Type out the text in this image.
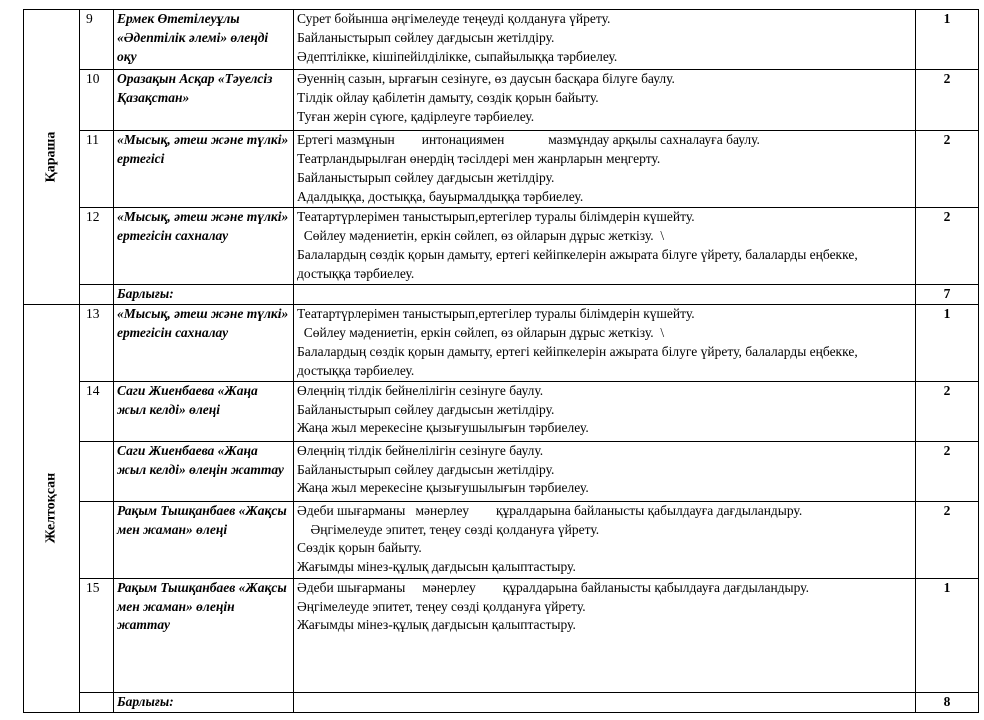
Қараша	9	Ермек Өтетілеуұлы «Әдептілік әлемі» өлеңді оқу	Сурет бойынша әңгімелеуде теңеуді қолдануға үйрету.
Байланыстырып сөйлеу дағдысын жетілдіру.
Әдептілікке, кішіпейілділікке, сыпайылыққа тәрбиелеу.	1
	10	Оразақын Асқар «Тәуелсіз Қазақстан»	Әуеннің сазын, ырғағын сезінуге, өз даусын басқара білуге баулу.
Тілдік ойлау қабілетін дамыту, сөздік қорын байыту.
Туған жерін сүюге, қадірлеуге тәрбиелеу.	2
	11	«Мысық, әтеш және түлкі» ертегісі	Ертегі мазмұнын        интонациямен             мазмұндау арқылы сахналауға баулу.
Театрландырылған өнердің тәсілдері мен жанрларын меңгерту.
Байланыстырып сөйлеу дағдысын жетілдіру.
Адалдыққа, достыққа, бауырмалдыққа тәрбиелеу.	2
	12	«Мысық, әтеш және түлкі» ертегісін сахналау	Театартүрлерімен таныстырып,ертегілер туралы білімдерін күшейту.
Сөйлеу мәдениетін, еркін сөйлеп, өз ойларын дұрыс жеткізу.  \
Балалардың сөздік қорын дамыту, ертегі кейіпкелерін ажырата білуге үйрету, балаларды еңбекке, достыққа тәрбиелеу.	2
		Барлығы:		7

Желтоқсан	13	«Мысық, әтеш және түлкі» ертегісін сахналау	Театартүрлерімен таныстырып,ертегілер туралы білімдерін күшейту.
Сөйлеу мәдениетін, еркін сөйлеп, өз ойларын дұрыс жеткізу.  \
Балалардың сөздік қорын дамыту, ертегі кейіпкелерін ажырата білуге үйрету, балаларды еңбекке, достыққа тәрбиелеу.	1
	14	Саги Жиенбаева «Жаңа жыл келді» өлеңі	Өлеңнің тілдік бейнелілігін сезінуге баулу.
Байланыстырып сөйлеу дағдысын жетілдіру.
Жаңа жыл мерекесіне қызығушылығын тәрбиелеу.	2
		Саги Жиенбаева «Жаңа жыл келді» өлеңін жаттау	Өлеңнің тілдік бейнелілігін сезінуге баулу.
Байланыстырып сөйлеу дағдысын жетілдіру.
Жаңа жыл мерекесіне қызығушылығын тәрбиелеу.	2
		Рақым Тышқанбаев «Жақсы мен жаман» өлеңі	Әдеби шығарманы   мәнерлеу        құралдарына байланысты қабылдауға дағдыландыру.
Әңгімелеуде эпитет, теңеу сөзді қолдануға үйрету.
Сөздік қорын байыту.
Жағымды мінез-құлық дағдысын қалыптастыру.	2
	15	Рақым Тышқанбаев «Жақсы мен жаман» өлеңін жаттау	Әдеби шығарманы     мәнерлеу        құралдарына байланысты қабылдауға дағдыландыру.
Әңгімелеуде эпитет, теңеу сөзді қолдануға үйрету.
Жағымды мінез-құлық дағдысын қалыптастыру.	1
		Барлығы:		8
